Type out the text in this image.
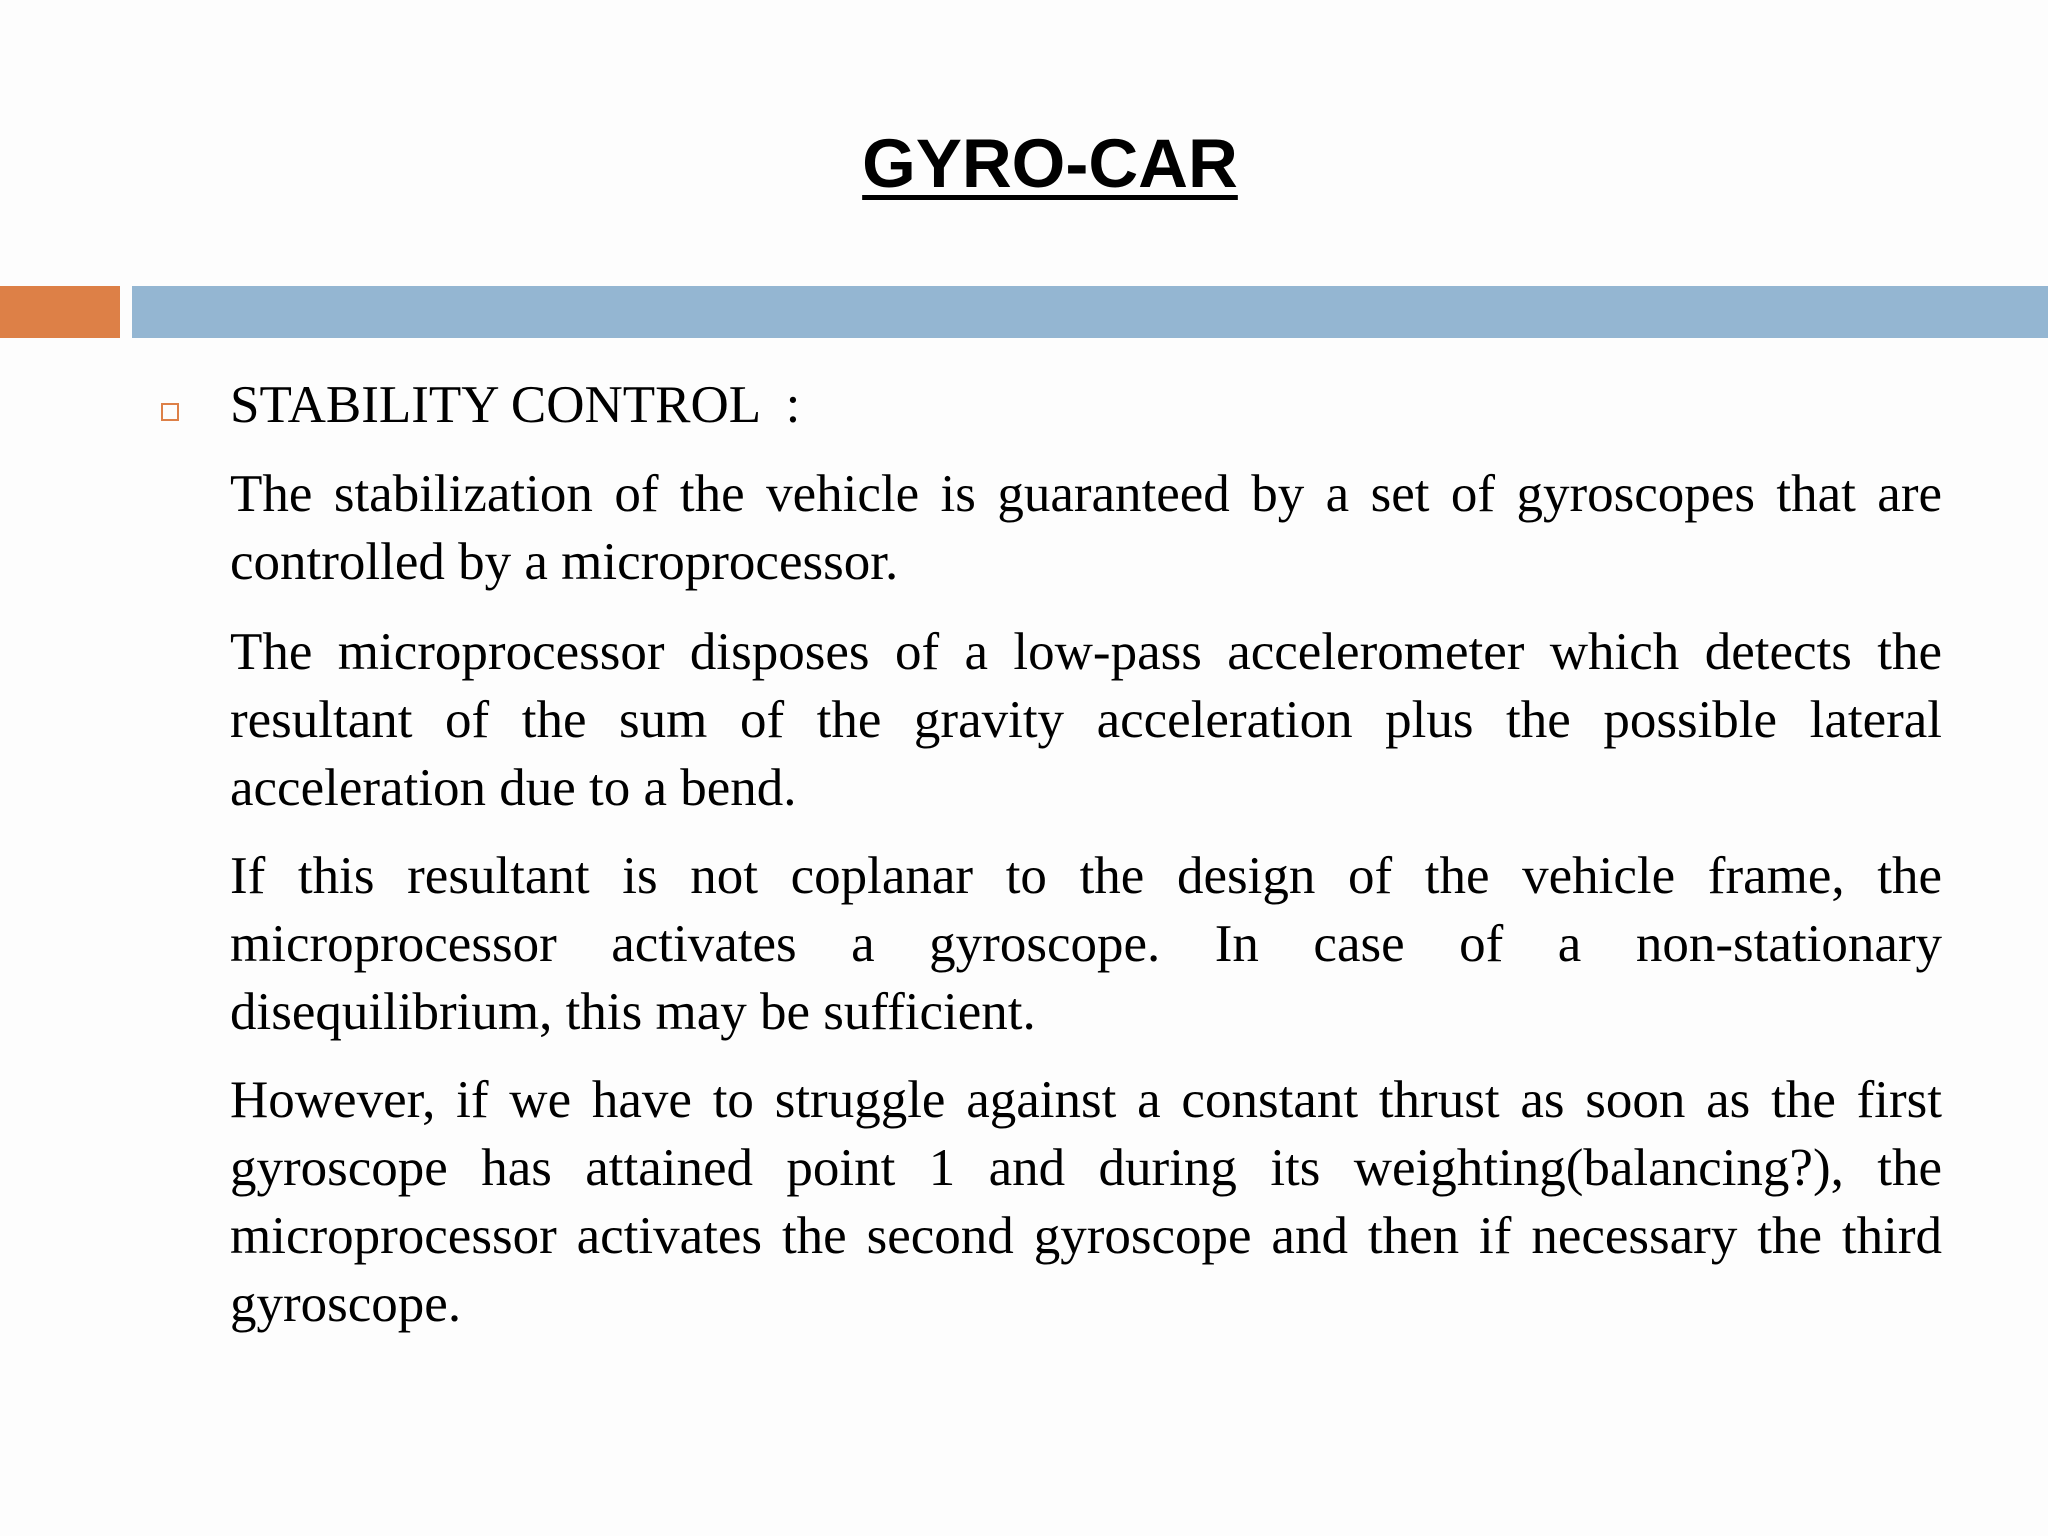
GYRO-CAR
STABILITY CONTROL  :

The stabilization of the vehicle is guaranteed by a set of gyroscopes that are controlled by a microprocessor.

The microprocessor disposes of a low-pass accelerometer which detects the resultant of the sum of the gravity acceleration plus the possible lateral acceleration due to a bend.

If this resultant is not coplanar to the design of the vehicle frame, the microprocessor activates a gyroscope. In case of a non-stationary disequilibrium, this may be sufficient.

However, if we have to struggle against a constant thrust as soon as the first gyroscope has attained point 1 and during its weighting(balancing?), the microprocessor activates the second gyroscope and then if necessary the third gyroscope.
